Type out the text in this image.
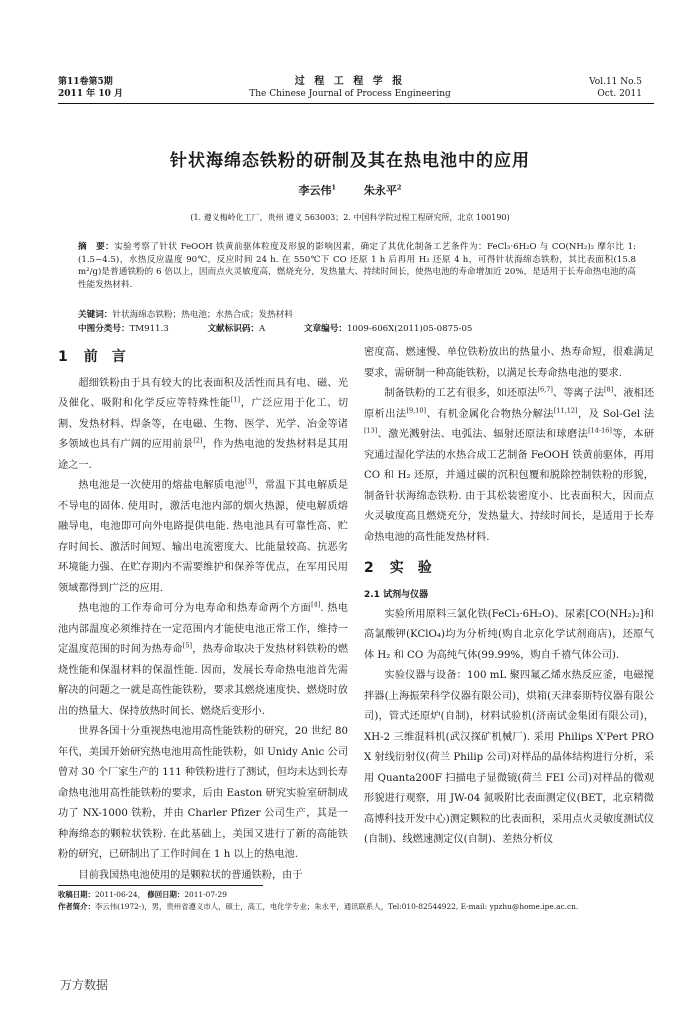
第11卷第5期
2011 年 10 月
过 程 工 程 学 报
The Chinese Journal of Process Engineering
Vol.11 No.5
Oct. 2011
针状海绵态铁粉的研制及其在热电池中的应用
李云伟$^1$	朱永平$^2$
(1. 遵义梅岭化工厂，贵州 遵义 563003；2. 中国科学院过程工程研究所，北京 100190)
摘　要：实验考察了针状 FeOOH 铁黄前驱体粒度及形貌的影响因素，确定了其优化制备工艺条件为：FeCl₃·6H₂O 与 CO(NH₂)₂ 摩尔比 1:(1.5~4.5)，水热反应温度 90℃，反应时间 24 h. 在 550℃下 CO 还原 1 h 后再用 H₂ 还原 4 h，可得针状海绵态铁粉，其比表面积(15.8 m²/g)是普通铁粉的 6 倍以上，因而点火灵敏度高，燃烧充分，发热量大、持续时间长，使热电池的寿命增加近 20%，是适用于长寿命热电池的高性能发热材料.
关键词：针状海绵态铁粉；热电池；水热合成；发热材料
中图分类号：TM911.3	文献标识码：A	文章编号：1009-606X(2011)05-0875-05
1 前　言

超细铁粉由于具有较大的比表面积及活性而具有电、磁、光及催化、吸附和化学反应等特殊性能[1]，广泛应用于化工、切割、发热材料、焊条等，在电磁、生物、医学、光学、冶金等诸多领域也具有广阔的应用前景[2]，作为热电池的发热材料是其用途之一.

热电池是一次使用的熔盐电解质电池[3]，常温下其电解质是不导电的固体. 使用时，激活电池内部的烟火热源，使电解质熔融导电，电池即可向外电路提供电能. 热电池具有可靠性高、贮存时间长、激活时间短、输出电流密度大、比能量较高、抗恶劣环境能力强、在贮存期内不需要维护和保养等优点，在军用民用领域都得到广泛的应用.

热电池的工作寿命可分为电寿命和热寿命两个方面[4]. 热电池内部温度必须维持在一定范围内才能使电池正常工作，维持一定温度范围的时间为热寿命[5]，热寿命取决于发热材料铁粉的燃烧性能和保温材料的保温性能. 因而，发展长寿命热电池首先需解决的问题之一就是高性能铁粉，要求其燃烧速度快、燃烧时放出的热量大、保持放热时间长、燃烧后变形小.

世界各国十分重视热电池用高性能铁粉的研究，20 世纪 80 年代，美国开始研究热电池用高性能铁粉，如 Unidy Anic 公司曾对 30 个厂家生产的 111 种铁粉进行了测试，但均未达到长寿命热电池用高性能铁粉的要求，后由 Easton 研究实验室研制成功了 NX-1000 铁粉，并由 Charler Pfizer 公司生产，其是一种海绵态的颗粒状铁粉. 在此基础上，美国又进行了新的高能铁粉的研究，已研制出了工作时间在 1 h 以上的热电池.

目前我国热电池使用的是颗粒状的普通铁粉，由于

密度高、燃速慢、单位铁粉放出的热量小、热寿命短，很难满足要求，需研制一种高能铁粉，以满足长寿命热电池的要求.

制备铁粉的工艺有很多，如还原法[6,7]、等离子法[8]、液相还原析出法[9,10]、有机金属化合物热分解法[11,12]，及 Sol-Gel 法[13]、激光溅射法、电弧法、辐射还原法和球磨法[14-16]等，本研究通过湿化学法的水热合成工艺制备 FeOOH 铁黄前驱体，再用 CO 和 H₂ 还原，并通过碳的沉积包覆和脱除控制铁粉的形貌，制备针状海绵态铁粉. 由于其松装密度小、比表面积大，因而点火灵敏度高且燃烧充分，发热量大、持续时间长，是适用于长寿命热电池的高性能发热材料.

2 实　验
2.1 试剂与仪器

实验所用原料三氯化铁(FeCl₃·6H₂O)、尿素[CO(NH₂)₂]和高氯酸钾(KClO₄)均为分析纯(购自北京化学试剂商店)，还原气体 H₂ 和 CO 为高纯气体(99.99%，购自千禧气体公司).

实验仪器与设备：100 mL 聚四氟乙烯水热反应釜，电磁搅拌器(上海振荣科学仪器有限公司)，烘箱(天津泰斯特仪器有限公司)，管式还原炉(自制)，材料试验机(济南试金集团有限公司)，XH-2 三维混料机(武汉探矿机械厂). 采用 Philips X'Pert PRO X 射线衍射仪(荷兰 Philip 公司)对样品的晶体结构进行分析，采用 Quanta200F 扫描电子显微镜(荷兰 FEI 公司)对样品的微观形貌进行观察，用 JW-04 氮吸附比表面测定仪(BET，北京精微高博科技开发中心)测定颗粒的比表面积，采用点火灵敏度测试仪(自制)、线燃速测定仪(自制)、差热分析仪

收稿日期：2011-06-24， 修回日期：2011-07-29
作者简介：李云伟(1972-)，男，贵州省遵义市人，硕士，高工，电化学专业；朱永平，通讯联系人，Tel:010-82544922, E-mail: ypzhu@home.ipe.ac.cn.
万方数据
